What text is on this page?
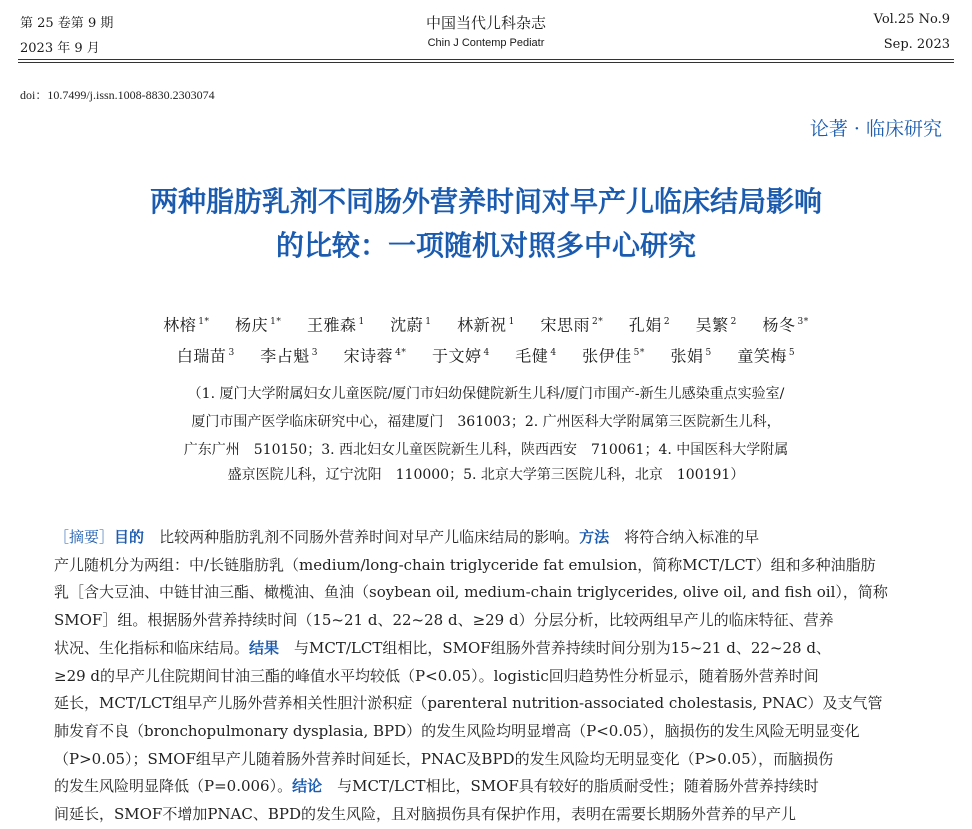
第 25 卷第 9 期
2023 年 9 月
中国当代儿科杂志
Chin J Contemp Pediatr
Vol.25 No.9
Sep. 2023
doi：10.7499/j.issn.1008-8830.2303074
论著 · 临床研究
两种脂肪乳剂不同肠外营养时间对早产儿临床结局影响
的比较：一项随机对照多中心研究
林榕 $^{1*}$ 杨庆 $^{1*}$ 王雅森 $^1$ 沈蔚 $^1$ 林新祝 $^1$ 宋思雨 $^{2*}$ 孔娟 $^2$ 吴繁 $^2$ 杨冬 $^{3*}$
白瑞苗 $^3$ 李占魁 $^3$ 宋诗蓉 $^{4*}$ 于文婷 $^4$ 毛健 $^4$ 张伊佳 $^{5*}$ 张娟 $^5$ 童笑梅 $^5$
（1. 厦门大学附属妇女儿童医院/厦门市妇幼保健院新生儿科/厦门市围产-新生儿感染重点实验室/
厦门市围产医学临床研究中心，福建厦门　361003；2. 广州医科大学附属第三医院新生儿科，
广东广州　510150；3. 西北妇女儿童医院新生儿科，陕西西安　710061；4. 中国医科大学附属
盛京医院儿科，辽宁沈阳　110000；5. 北京大学第三医院儿科，北京　100191）
［摘要］目的　比较两种脂肪乳剂不同肠外营养时间对早产儿临床结局的影响。方法　将符合纳入标准的早
产儿随机分为两组：中/长链脂肪乳（medium/long-chain triglyceride fat emulsion，简称MCT/LCT）组和多种油脂肪
乳［含大豆油、中链甘油三酯、橄榄油、鱼油（soybean oil, medium-chain triglycerides, olive oil, and fish oil），简称
SMOF］组。根据肠外营养持续时间（15~21 d、22~28 d、≥29 d）分层分析，比较两组早产儿的临床特征、营养
状况、生化指标和临床结局。结果　与MCT/LCT组相比，SMOF组肠外营养持续时间分别为15~21 d、22~28 d、
≥29 d的早产儿住院期间甘油三酯的峰值水平均较低（P<0.05）。logistic回归趋势性分析显示，随着肠外营养时间
延长，MCT/LCT组早产儿肠外营养相关性胆汁淤积症（parenteral nutrition-associated cholestasis, PNAC）及支气管
肺发育不良（bronchopulmonary dysplasia, BPD）的发生风险均明显增高（P<0.05），脑损伤的发生风险无明显变化
（P>0.05）；SMOF组早产儿随着肠外营养时间延长，PNAC及BPD的发生风险均无明显变化（P>0.05），而脑损伤
的发生风险明显降低（P=0.006）。结论　与MCT/LCT相比，SMOF具有较好的脂质耐受性；随着肠外营养持续时
间延长，SMOF不增加PNAC、BPD的发生风险，且对脑损伤具有保护作用，表明在需要长期肠外营养的早产儿
